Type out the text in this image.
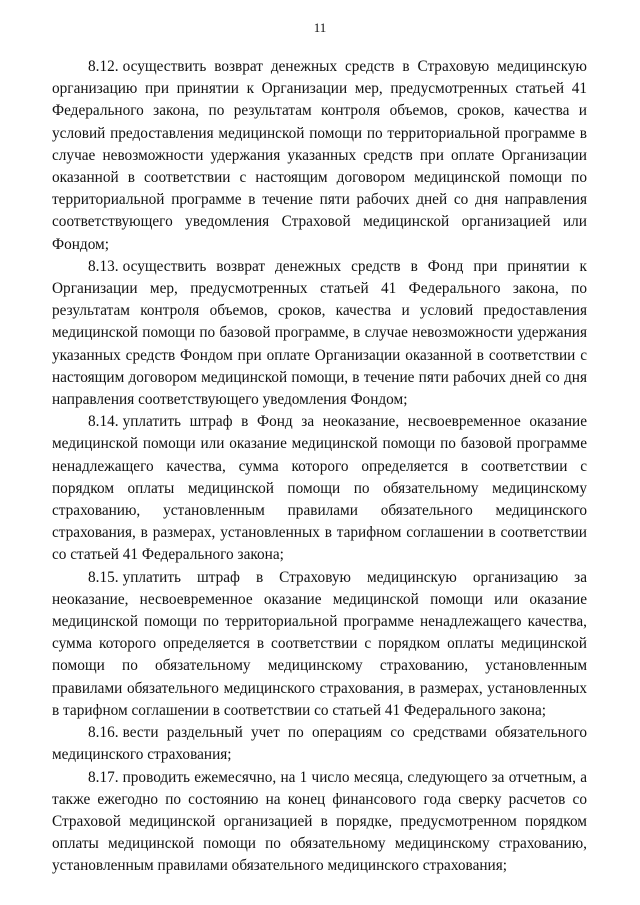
11

8.12. осуществить возврат денежных средств в Страховую медицинскую организацию при принятии к Организации мер, предусмотренных статьей 41 Федерального закона, по результатам контроля объемов, сроков, качества и условий предоставления медицинской помощи по территориальной программе в случае невозможности удержания указанных средств при оплате Организации оказанной в соответствии с настоящим договором медицинской помощи по территориальной программе в течение пяти рабочих дней со дня направления соответствующего уведомления Страховой медицинской организацией или Фондом;

8.13. осуществить возврат денежных средств в Фонд при принятии к Организации мер, предусмотренных статьей 41 Федерального закона, по результатам контроля объемов, сроков, качества и условий предоставления медицинской помощи по базовой программе, в случае невозможности удержания указанных средств Фондом при оплате Организации оказанной в соответствии с настоящим договором медицинской помощи, в течение пяти рабочих дней со дня направления соответствующего уведомления Фондом;

8.14. уплатить штраф в Фонд за неоказание, несвоевременное оказание медицинской помощи или оказание медицинской помощи по базовой программе ненадлежащего качества, сумма которого определяется в соответствии с порядком оплаты медицинской помощи по обязательному медицинскому страхованию, установленным правилами обязательного медицинского страхования, в размерах, установленных в тарифном соглашении в соответствии со статьей 41 Федерального закона;

8.15. уплатить штраф в Страховую медицинскую организацию за неоказание, несвоевременное оказание медицинской помощи или оказание медицинской помощи по территориальной программе ненадлежащего качества, сумма которого определяется в соответствии с порядком оплаты медицинской помощи по обязательному медицинскому страхованию, установленным правилами обязательного медицинского страхования, в размерах, установленных в тарифном соглашении в соответствии со статьей 41 Федерального закона;

8.16. вести раздельный учет по операциям со средствами обязательного медицинского страхования;

8.17. проводить ежемесячно, на 1 число месяца, следующего за отчетным, а также ежегодно по состоянию на конец финансового года сверку расчетов со Страховой медицинской организацией в порядке, предусмотренном порядком оплаты медицинской помощи по обязательному медицинскому страхованию, установленным правилами обязательного медицинского страхования;
